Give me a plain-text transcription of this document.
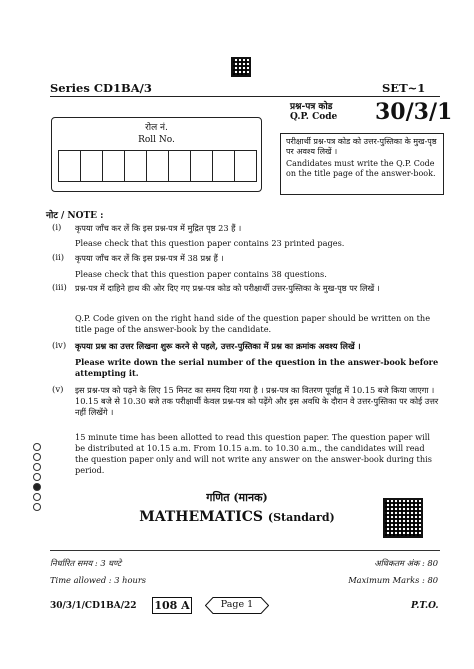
Series CD1BA/3	SET~1
प्रश्न-पत्र कोड
Q.P. Code 30/3/1
रोल नं.
Roll No.	परीक्षार्थी प्रश्न-पत्र कोड को उत्तर-पुस्तिका के मुख-पृष्ठ पर अवश्य लिखें ।

Candidates must write the Q.P. Code on the title page of the answer-book.

नोट / NOTE :
(i) कृपया जाँच कर लें कि इस प्रश्न-पत्र में मुद्रित पृष्ठ 23 हैं ।
Please check that this question paper contains 23 printed pages.
(ii) कृपया जाँच कर लें कि इस प्रश्न-पत्र में 38 प्रश्न हैं ।
Please check that this question paper contains 38 questions.
(iii) प्रश्न-पत्र में दाहिने हाथ की ओर दिए गए प्रश्न-पत्र कोड को परीक्षार्थी उत्तर-पुस्तिका के मुख-पृष्ठ पर लिखें ।
Q.P. Code given on the right hand side of the question paper should be written on the title page of the answer-book by the candidate.
(iv) कृपया प्रश्न का उत्तर लिखना शुरू करने से पहले, उत्तर-पुस्तिका में प्रश्न का क्रमांक अवश्य लिखें ।
Please write down the serial number of the question in the answer-book before attempting it.
(v) इस प्रश्न-पत्र को पढ़ने के लिए 15 मिनट का समय दिया गया है । प्रश्न-पत्र का वितरण पूर्वाह्न में 10.15 बजे किया जाएगा । 10.15 बजे से 10.30 बजे तक परीक्षार्थी केवल प्रश्न-पत्र को पढ़ेंगे और इस अवधि के दौरान वे उत्तर-पुस्तिका पर कोई उत्तर नहीं लिखेंगे ।
15 minute time has been allotted to read this question paper. The question paper will be distributed at 10.15 a.m. From 10.15 a.m. to 10.30 a.m., the candidates will read the question paper only and will not write any answer on the answer-book during this period.
गणित (मानक)
MATHEMATICS (Standard)
निर्धारित समय : 3 घण्टे	अधिकतम अंक : 80
Time allowed : 3 hours	Maximum Marks : 80
30/3/1/CD1BA/22 108 A	Page 1	P.T.O.
